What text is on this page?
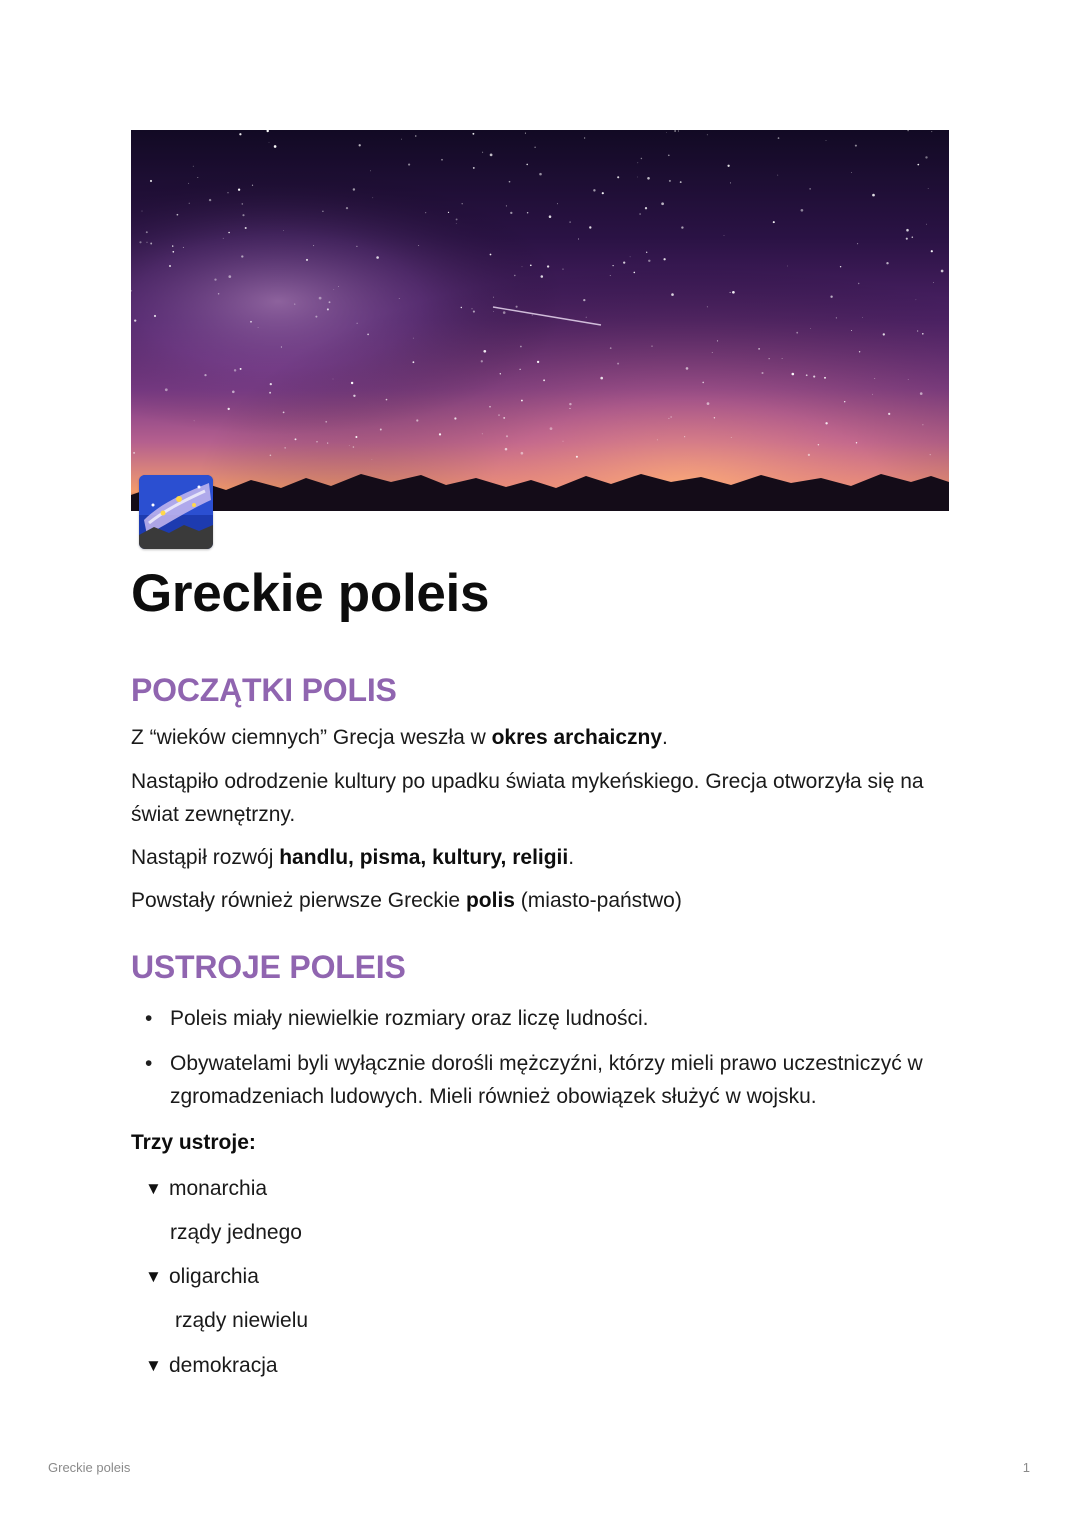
Greckie poleis
POCZĄTKI POLIS

Z “wieków ciemnych” Grecja weszła w okres archaiczny.

Nastąpiło odrodzenie kultury po upadku świata mykeńskiego. Grecja otworzyła się na świat zewnętrzny.

Nastąpił rozwój handlu, pisma, kultury, religii.

Powstały również pierwsze Greckie polis (miasto-państwo)

USTROJE POLEIS
• Poleis miały niewielkie rozmiary oraz liczę ludności.

• Obywatelami byli wyłącznie dorośli mężczyźni, którzy mieli prawo uczestniczyć w zgromadzeniach ludowych. Mieli również obowiązek służyć w wojsku.

Trzy ustroje:

▼ monarchia
rządy jednego
▼ oligarchia
rządy niewielu
▼ demokracja
Greckie poleis	1
